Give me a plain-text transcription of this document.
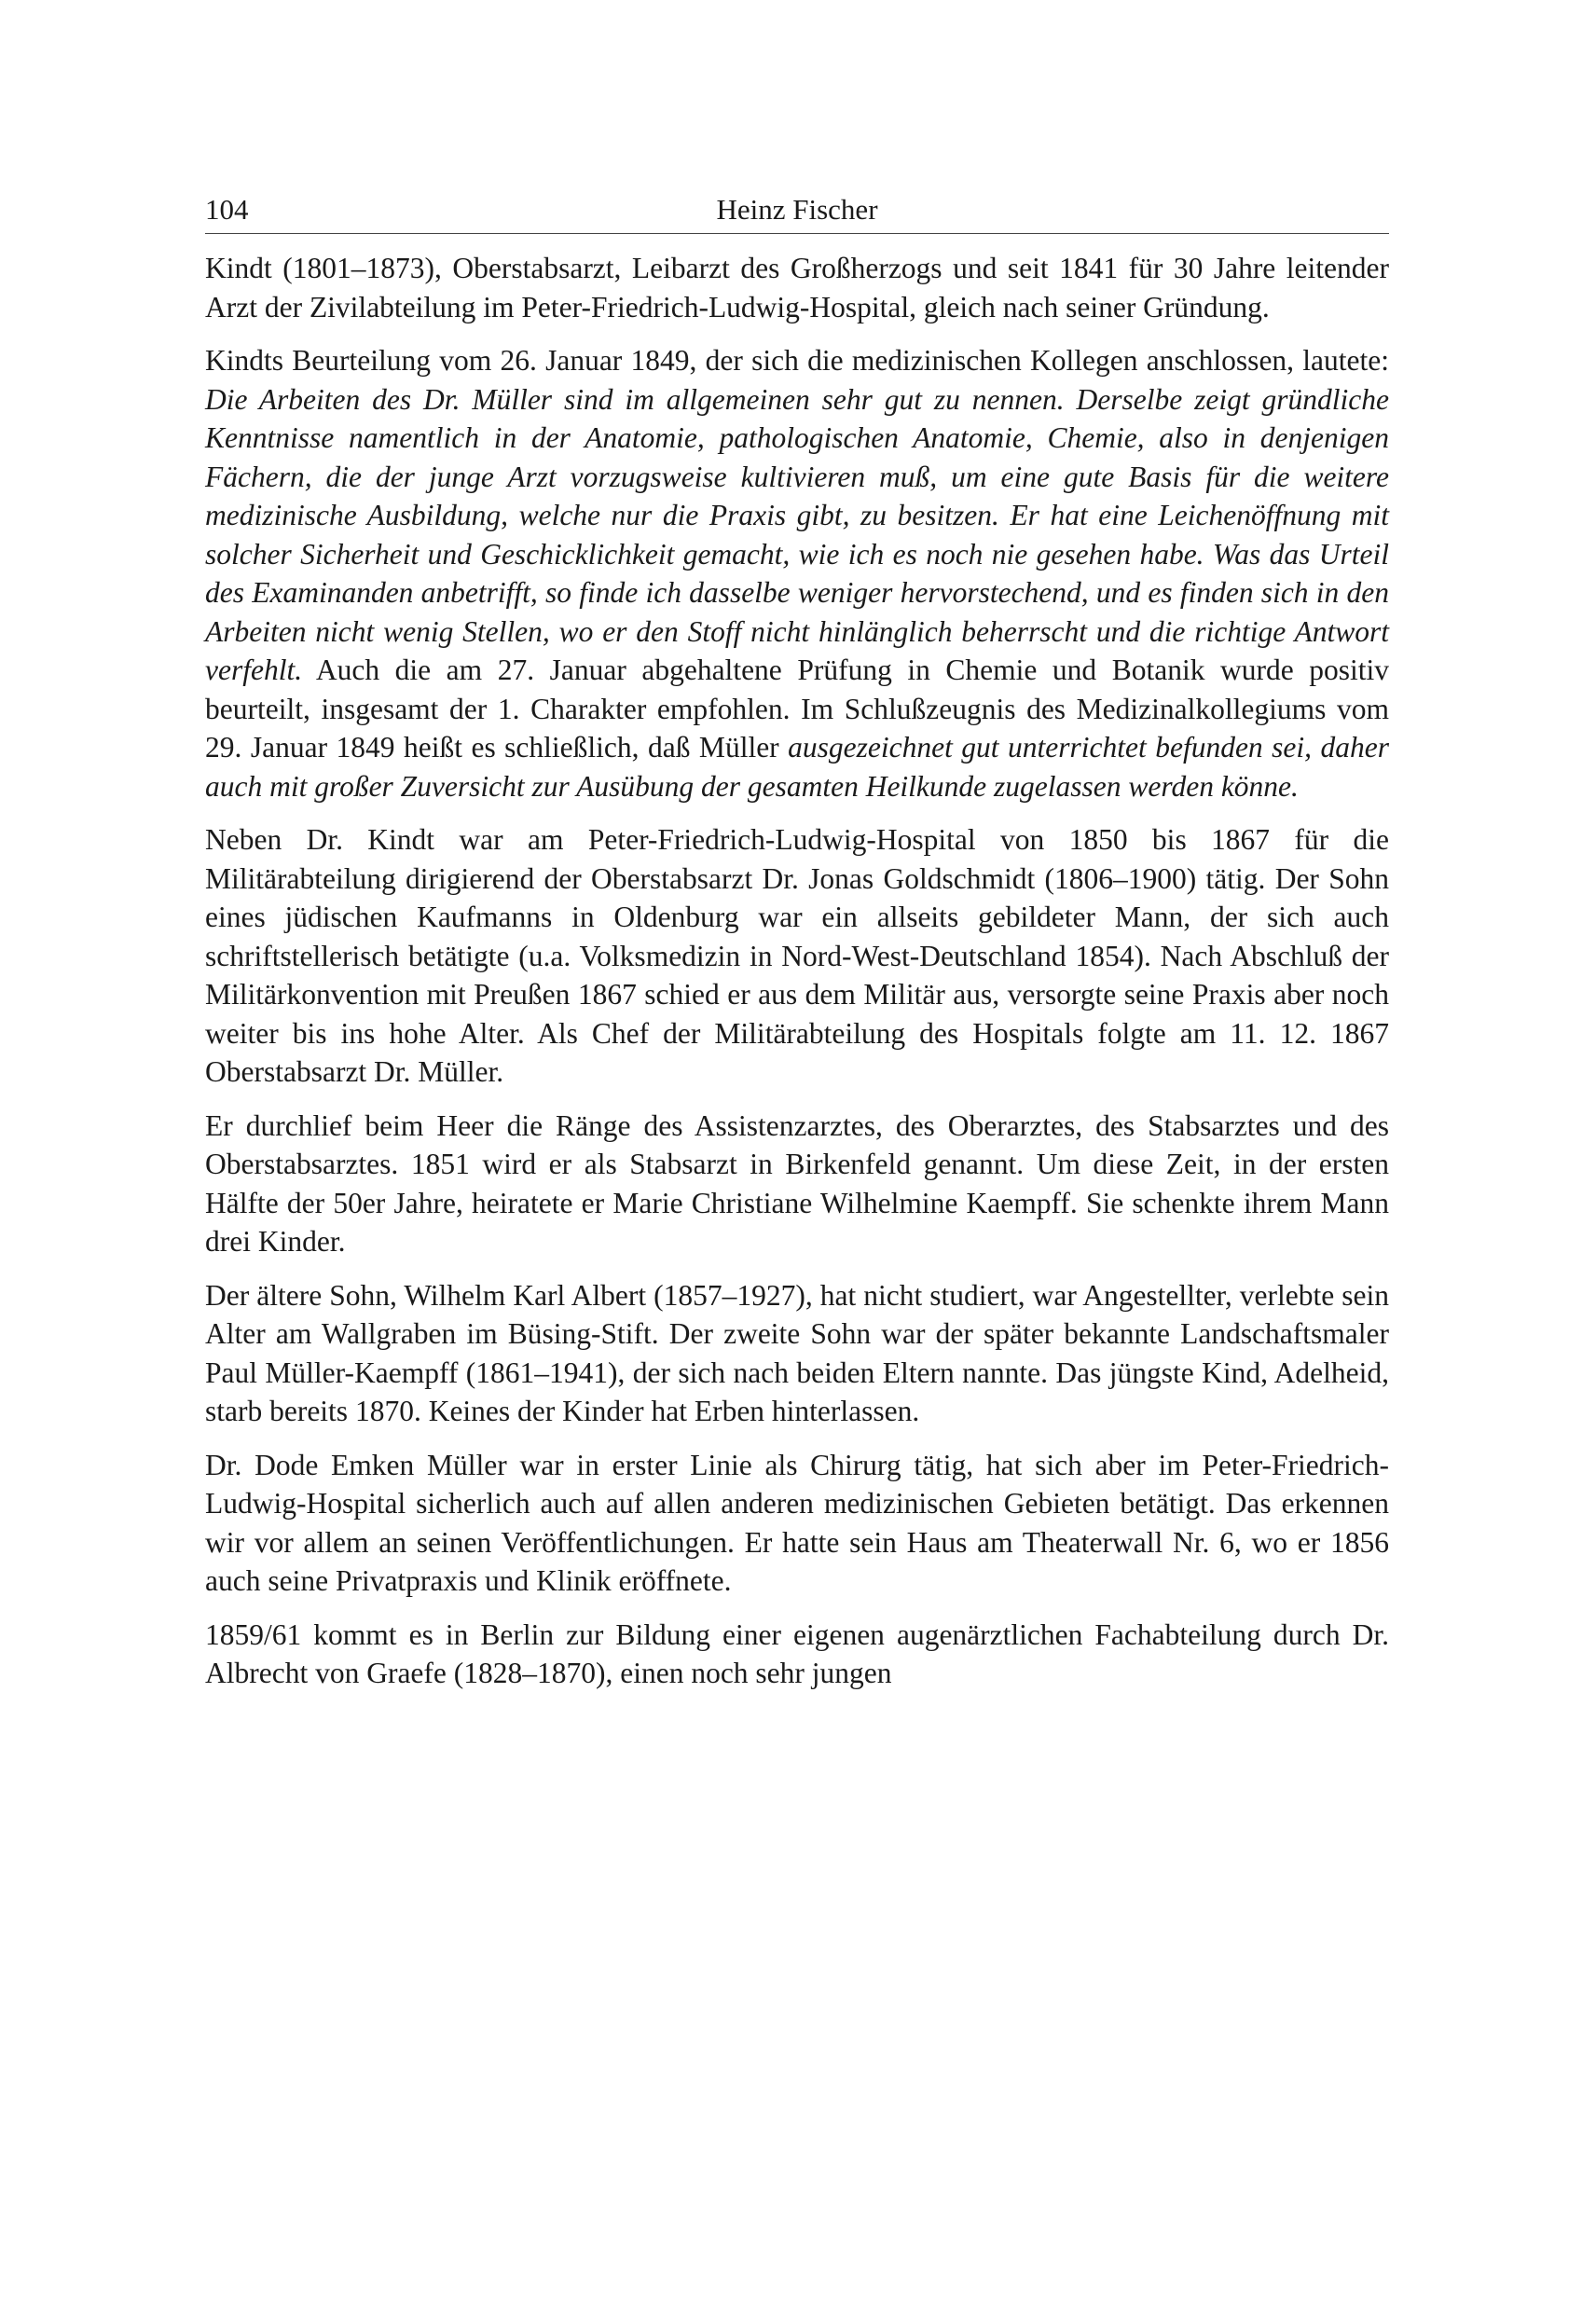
104	Heinz Fischer

Kindt (1801–1873), Oberstabsarzt, Leibarzt des Großherzogs und seit 1841 für 30 Jahre leitender Arzt der Zivilabteilung im Peter-Friedrich-Ludwig-Hospital, gleich nach seiner Gründung.

Kindts Beurteilung vom 26. Januar 1849, der sich die medizinischen Kollegen anschlossen, lautete: Die Arbeiten des Dr. Müller sind im allgemeinen sehr gut zu nennen. Derselbe zeigt gründliche Kenntnisse namentlich in der Anatomie, pathologischen Anatomie, Chemie, also in denjenigen Fächern, die der junge Arzt vorzugsweise kultivieren muß, um eine gute Basis für die weitere medizinische Ausbildung, welche nur die Praxis gibt, zu besitzen. Er hat eine Leichenöffnung mit solcher Sicherheit und Geschicklichkeit gemacht, wie ich es noch nie gesehen habe. Was das Urteil des Examinanden anbetrifft, so finde ich dasselbe weniger hervorstechend, und es finden sich in den Arbeiten nicht wenig Stellen, wo er den Stoff nicht hinlänglich beherrscht und die richtige Antwort verfehlt. Auch die am 27. Januar abgehaltene Prüfung in Chemie und Botanik wurde positiv beurteilt, insgesamt der 1. Charakter empfohlen. Im Schlußzeugnis des Medizinalkollegiums vom 29. Januar 1849 heißt es schließlich, daß Müller ausgezeichnet gut unterrichtet befunden sei, daher auch mit großer Zuversicht zur Ausübung der gesamten Heilkunde zugelassen werden könne.

Neben Dr. Kindt war am Peter-Friedrich-Ludwig-Hospital von 1850 bis 1867 für die Militärabteilung dirigierend der Oberstabsarzt Dr. Jonas Goldschmidt (1806–1900) tätig. Der Sohn eines jüdischen Kaufmanns in Oldenburg war ein allseits gebildeter Mann, der sich auch schriftstellerisch betätigte (u.a. Volksmedizin in Nord-West-Deutschland 1854). Nach Abschluß der Militärkonvention mit Preußen 1867 schied er aus dem Militär aus, versorgte seine Praxis aber noch weiter bis ins hohe Alter. Als Chef der Militärabteilung des Hospitals folgte am 11. 12. 1867 Oberstabsarzt Dr. Müller.

Er durchlief beim Heer die Ränge des Assistenzarztes, des Oberarztes, des Stabsarztes und des Oberstabsarztes. 1851 wird er als Stabsarzt in Birkenfeld genannt. Um diese Zeit, in der ersten Hälfte der 50er Jahre, heiratete er Marie Christiane Wilhelmine Kaempff. Sie schenkte ihrem Mann drei Kinder.

Der ältere Sohn, Wilhelm Karl Albert (1857–1927), hat nicht studiert, war Angestellter, verlebte sein Alter am Wallgraben im Büsing-Stift. Der zweite Sohn war der später bekannte Landschaftsmaler Paul Müller-Kaempff (1861–1941), der sich nach beiden Eltern nannte. Das jüngste Kind, Adelheid, starb bereits 1870. Keines der Kinder hat Erben hinterlassen.

Dr. Dode Emken Müller war in erster Linie als Chirurg tätig, hat sich aber im Peter-Friedrich-Ludwig-Hospital sicherlich auch auf allen anderen medizinischen Gebieten betätigt. Das erkennen wir vor allem an seinen Veröffentlichungen. Er hatte sein Haus am Theaterwall Nr. 6, wo er 1856 auch seine Privatpraxis und Klinik eröffnete.

1859/61 kommt es in Berlin zur Bildung einer eigenen augenärztlichen Fachabteilung durch Dr. Albrecht von Graefe (1828–1870), einen noch sehr jungen
